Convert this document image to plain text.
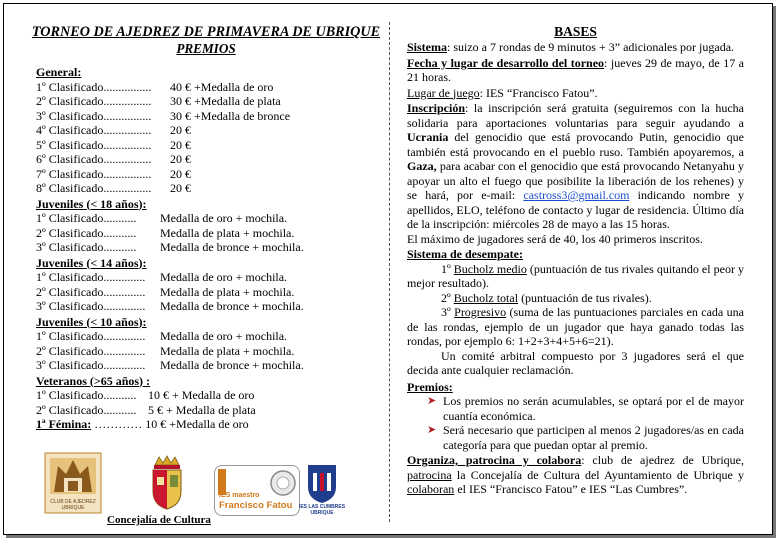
TORNEO DE AJEDREZ DE PRIMAVERA DE UBRIQUE
PREMIOS
General:
1º Clasificado................	40 € +Medalla de oro
2º Clasificado................	30 € +Medalla de plata
3º Clasificado................	30 € +Medalla de bronce
4º Clasificado................	20 €
5º Clasificado................	20 €
6º Clasificado................	20 €
7º Clasificado................	20 €
8º Clasificado................	20 €
Juveniles (< 18 años):
1º Clasificado...........	Medalla de oro + mochila.
2º Clasificado...........	Medalla de plata + mochila.
3º Clasificado...........	Medalla de bronce + mochila.
Juveniles (< 14 años):
1º Clasificado..............	Medalla de oro + mochila.
2º Clasificado..............	Medalla de plata + mochila.
3º Clasificado..............	Medalla de bronce + mochila.
Juveniles (< 10 años):
1º Clasificado..............	Medalla de oro + mochila.
2º Clasificado..............	Medalla de plata + mochila.
3º Clasificado..............	Medalla de bronce + mochila.
Veteranos (>65 años) :
1º Clasificado........... 10 € + Medalla de oro
2º Clasificado........... 5 € + Medalla de plata
1ª Fémina: ………… 10 € +Medalla de oro
CLUB DE AJEDREZ UBRIQUE
Concejalía de Cultura
IES maestro
Francisco Fatou	IES LAS CUMBRES UBRIQUE
BASES
Sistema: suizo a 7 rondas de 9 minutos + 3” adicionales por jugada.
Fecha y lugar de desarrollo del torneo: jueves 29 de mayo, de 17 a 21 horas.
Lugar de juego: IES “Francisco Fatou”.
Inscripción: la inscripción será gratuita (seguiremos con la hucha solidaria para aportaciones voluntarias para seguir ayudando a Ucrania del genocidio que está provocando Putin, genocidio que también está provocando en el pueblo ruso. También apoyaremos, a Gaza, para acabar con el genocidio que está provocando Netanyahu y apoyar un alto el fuego que posibilite la liberación de los rehenes) y se hará, por e-mail: castross3@gmail.com indicando nombre y apellidos, ELO, teléfono de contacto y lugar de residencia. Último día de la inscripción: miércoles 28 de mayo a las 15 horas.
El máximo de jugadores será de 40, los 40 primeros inscritos.
Sistema de desempate:
1º Bucholz medio (puntuación de tus rivales quitando el peor y mejor resultado).
2º Bucholz total (puntuación de tus rivales).
3º Progresivo (suma de las puntuaciones parciales en cada una de las rondas, ejemplo de un jugador que haya ganado todas las rondas, por ejemplo 6: 1+2+3+4+5+6=21).
Un comité arbitral compuesto por 3 jugadores será el que decida ante cualquier reclamación.
Premios:
➤ Los premios no serán acumulables, se optará por el de mayor cuantía económica.
➤ Será necesario que participen al menos 2 jugadores/as en cada categoría para que puedan optar al premio.
Organiza, patrocina y colabora: club de ajedrez de Ubrique, patrocina la Concejalía de Cultura del Ayuntamiento de Ubrique y colaboran el IES “Francisco Fatou” e IES “Las Cumbres”.
